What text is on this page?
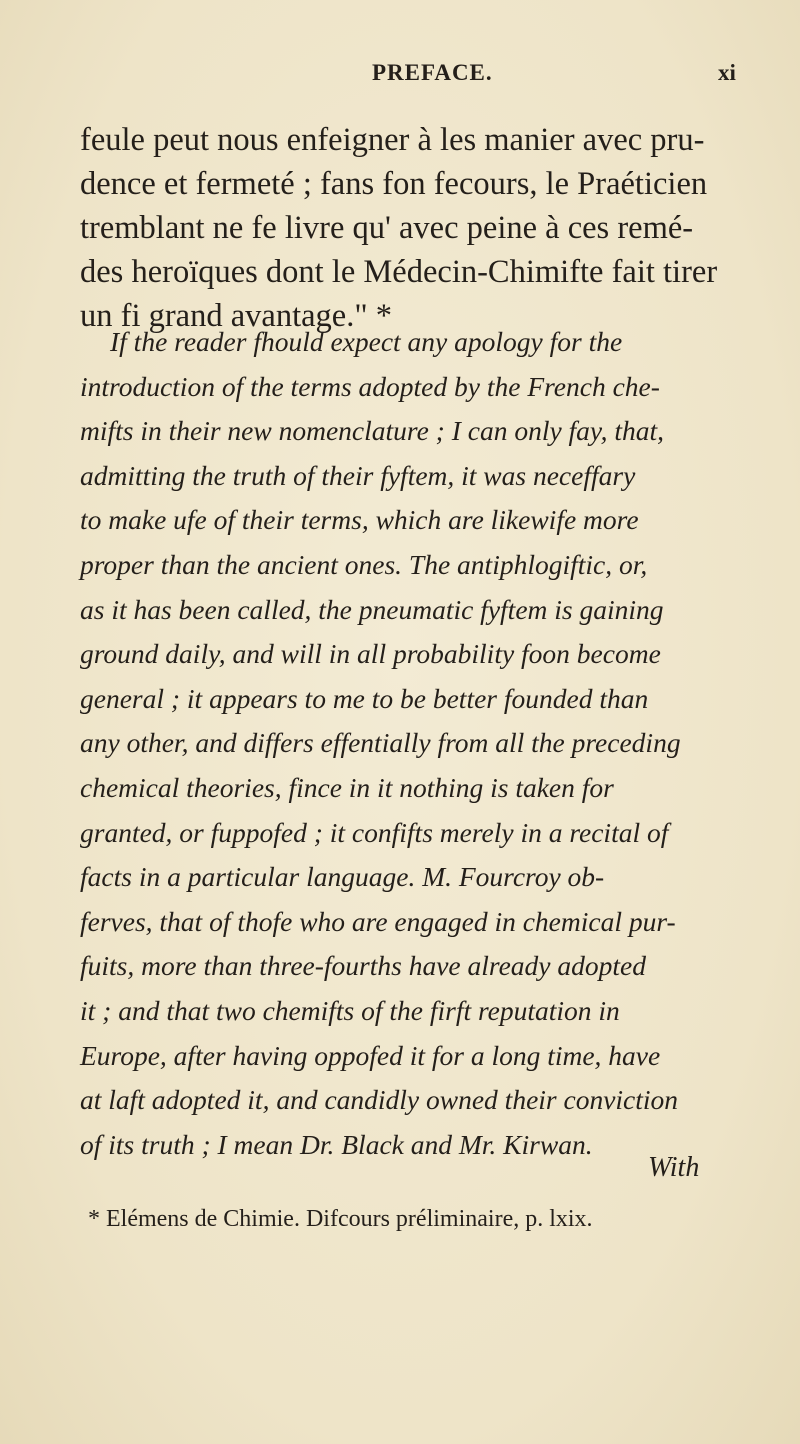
PREFACE.	xi
feule peut nous enfeigner à les manier avec pru-
dence et fermeté ; fans fon fecours, le Praéticien
tremblant ne fe livre qu' avec peine à ces remé-
des heroïques dont le Médecin-Chimifte fait tirer
un fi grand avantage." *
If the reader fhould expect any apology for the
introduction of the terms adopted by the French che-
mifts in their new nomenclature ; I can only fay, that,
admitting the truth of their fyftem, it was neceffary
to make ufe of their terms, which are likewife more
proper than the ancient ones. The antiphlogiftic, or,
as it has been called, the pneumatic fyftem is gaining
ground daily, and will in all probability foon become
general ; it appears to me to be better founded than
any other, and differs effentially from all the preceding
chemical theories, fince in it nothing is taken for
granted, or fuppofed ; it confifts merely in a recital of
facts in a particular language. M. Fourcroy ob-
ferves, that of thofe who are engaged in chemical pur-
fuits, more than three-fourths have already adopted
it ; and that two chemifts of the firft reputation in
Europe, after having oppofed it for a long time, have
at laft adopted it, and candidly owned their conviction
of its truth ; I mean Dr. Black and Mr. Kirwan.
With
* Elémens de Chimie. Difcours préliminaire, p. lxix.
